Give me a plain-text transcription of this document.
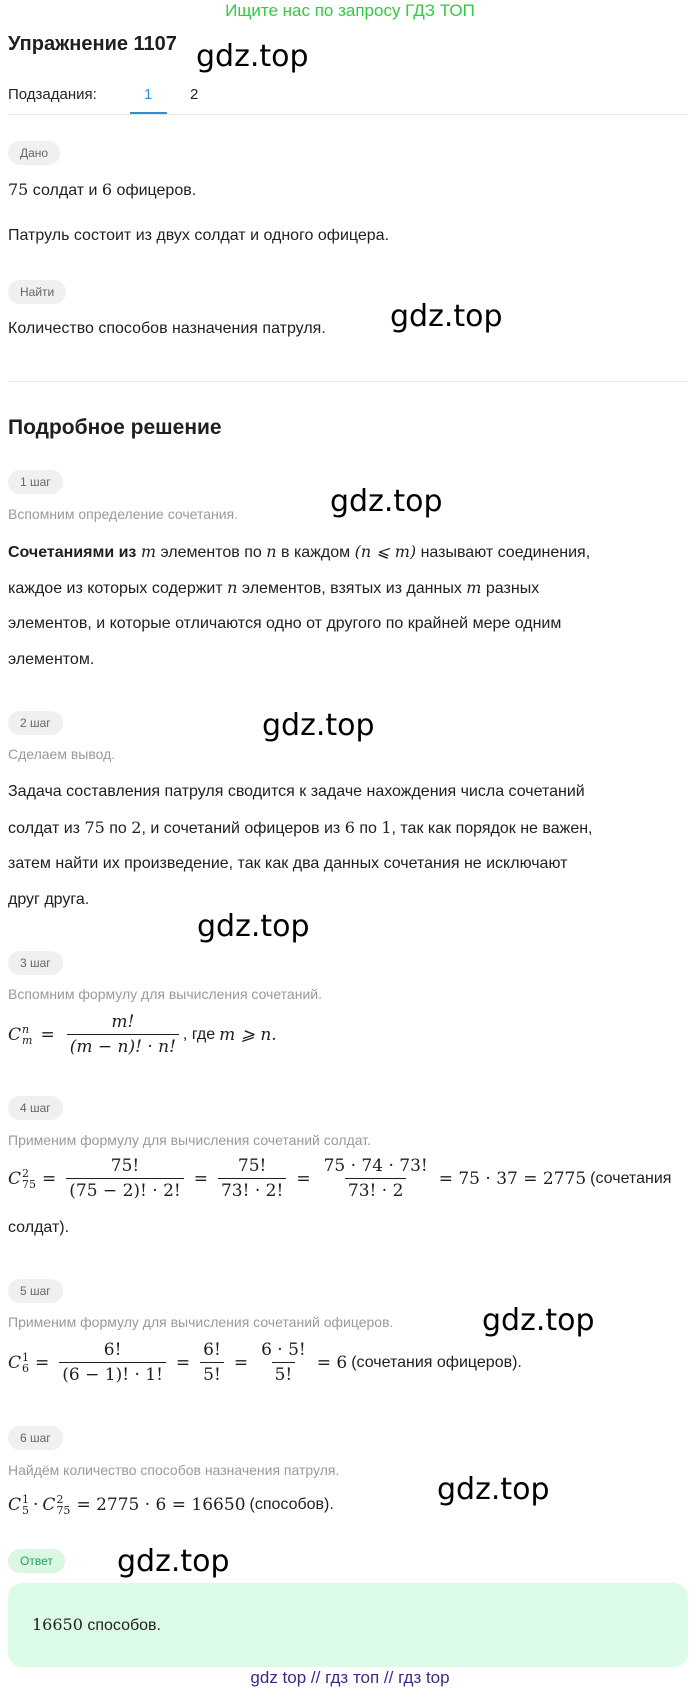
Ищите нас по запросу ГДЗ ТОП
Упражнение 1107 gdz.top
Подзадания:	1	2
Дано
75 солдат и 6 офицеров.
Патруль состоит из двух солдат и одного офицера.
Найти
Количество способов назначения патруля. gdz.top
Подробное решение
1 шаг
Вспомним определение сочетания.	gdz.top
Сочетаниями из m элементов по n в каждом (n ⩽ m) называют соединения,
каждое из которых содержит n элементов, взятых из данных m разных
элементов, и которые отличаются одно от другого по крайней мере одним
элементом.
2 шаг	gdz.top
Сделаем вывод.
Задача составления патруля сводится к задаче нахождения числа сочетаний
солдат из 75 по 2, и сочетаний офицеров из 6 по 1, так как порядок не важен,
затем найти их произведение, так как два данных сочетания не исключают
друг друга.
gdz.top
3 шаг
Вспомним формулу для вычисления сочетаний.
C n
$m = \frac{m!}{(m - n)! \cdot n!}$ , где m ⩾ n.
4 шаг
Применим формулу для вычисления сочетаний солдат.
C 2
$75 = \frac{75!}{(75 - 2)! \cdot 2!} = \frac{75!}{73! \cdot 2!} = \frac{75 \cdot 74 \cdot 73!}{73! \cdot 2} = 75 \cdot 37 = 2775$ (сочетания
солдат).
5 шаг
gdz.top
Применим формулу для вычисления сочетаний офицеров.
C 1
$6 = \frac{6!}{(6 - 1)! \cdot 1!} = \frac{6!}{5!} = \frac{6 \cdot 5!}{5!} = 6$ (сочетания офицеров).
6 шаг
Найдём количество способов назначения патруля.
gdz.top
C 1
5 · C 2
75 = 2775 · 6 = 16650 (способов).
Ответ	gdz.top
16650 способов.
gdz top // гдз топ // гдз top
